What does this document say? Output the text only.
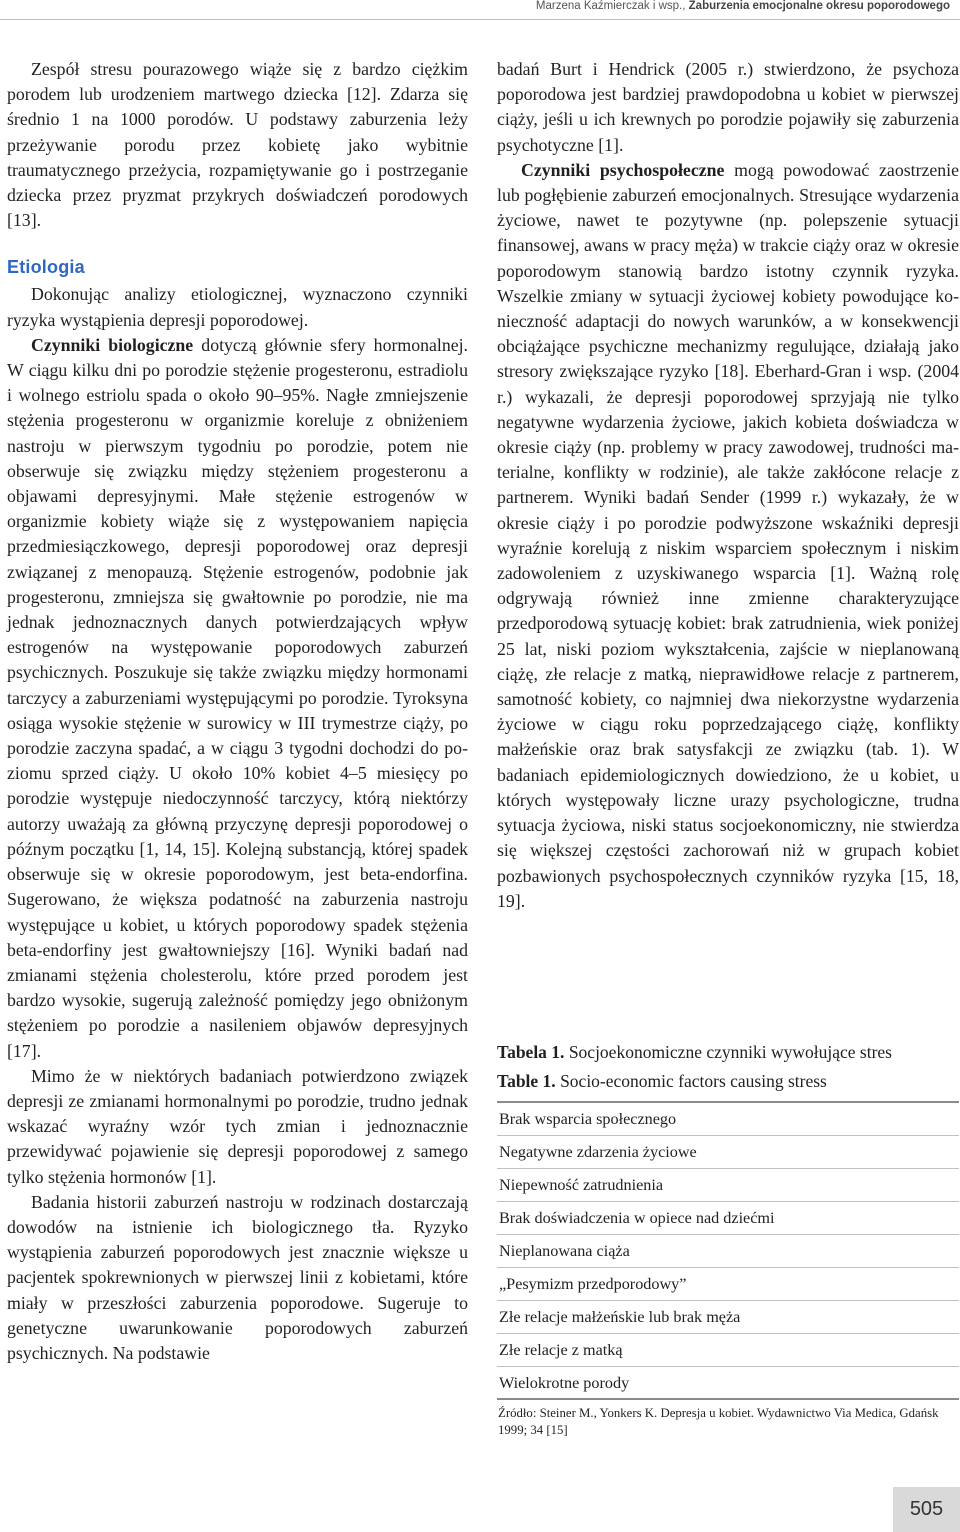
Marzena Kaźmierczak i wsp., Zaburzenia emocjonalne okresu poporodowego

Zespół stresu pourazowego wiąże się z bardzo ciężkim porodem lub urodzeniem martwego dziecka [12]. Zdarza się średnio 1 na 1000 porodów. U podstawy zaburzenia leży przeżywanie porodu przez kobietę jako wybitnie traumatycznego przeżycia, rozpamiętywanie go i postrzeganie dziecka przez pryzmat przykrych doświadczeń porodowych [13].

Etiologia

Dokonując analizy etiologicznej, wyznaczono czynniki ryzyka wystąpienia depresji poporodowej.

Czynniki biologiczne dotyczą głównie sfery hormonalnej. W ciągu kilku dni po porodzie stężenie progesteronu, estradiolu i wolnego estriolu spada o około 90–95%. Nagłe zmniejszenie stężenia progesteronu w organizmie koreluje z obniżeniem nastroju w pierwszym tygodniu po porodzie, potem nie obserwuje się związku między stężeniem progesteronu a objawami depresyjnymi. Małe stężenie estrogenów w organizmie kobiety wiąże się z występowaniem napięcia przedmiesiączkowego, depresji poporodowej oraz depresji związanej z menopauzą. Stężenie estrogenów, podobnie jak progesteronu, zmniejsza się gwałtownie po porodzie, nie ma jednak jednoznacznych danych potwierdzających wpływ estrogenów na występowanie poporodowych zaburzeń psychicznych. Poszukuje się także związku między hormonami tarczycy a zaburzeniami występującymi po porodzie. Tyroksyna osiąga wysokie stężenie w surowicy w III trymestrze ciąży, po porodzie zaczyna spadać, a w ciągu 3 tygodni dochodzi do poziomu sprzed ciąży. U około 10% kobiet 4–5 miesięcy po porodzie występuje niedoczynność tarczycy, którą niektórzy autorzy uważają za główną przyczynę depresji poporodowej o późnym początku [1, 14, 15]. Kolejną substancją, której spadek obserwuje się w okresie poporodowym, jest beta-endorfina. Sugerowano, że większa podatność na zaburzenia nastroju występujące u kobiet, u których poporodowy spadek stężenia beta-endorfiny jest gwałtowniejszy [16]. Wyniki badań nad zmianami stężenia cholesterolu, które przed porodem jest bardzo wysokie, sugerują zależność pomiędzy jego obniżonym stężeniem po porodzie a nasileniem objawów depresyjnych [17].

Mimo że w niektórych badaniach potwierdzono związek depresji ze zmianami hormonalnymi po porodzie, trudno jednak wskazać wyraźny wzór tych zmian i jednoznacznie przewidywać pojawienie się depresji poporodowej z samego tylko stężenia hormonów [1].

Badania historii zaburzeń nastroju w rodzinach dostarczają dowodów na istnienie ich biologicznego tła. Ryzyko wystąpienia zaburzeń poporodowych jest znacznie większe u pacjentek spokrewnionych w pierwszej linii z kobietami, które miały w przeszłości zaburzenia poporodowe. Sugeruje to genetyczne uwarunkowanie poporodowych zaburzeń psychicznych. Na podstawie

badań Burt i Hendrick (2005 r.) stwierdzono, że psychoza poporodowa jest bardziej prawdopodobna u kobiet w pierwszej ciąży, jeśli u ich krewnych po porodzie pojawiły się zaburzenia psychotyczne [1].

Czynniki psychospołeczne mogą powodować zaostrzenie lub pogłębienie zaburzeń emocjonalnych. Stresujące wydarzenia życiowe, nawet te pozytywne (np. polepszenie sytuacji finansowej, awans w pracy męża) w trakcie ciąży oraz w okresie poporodowym stanowią bardzo istotny czynnik ryzyka. Wszelkie zmiany w sytuacji życiowej kobiety powodujące konieczność adaptacji do nowych warunków, a w konsekwencji obciążające psychiczne mechanizmy regulujące, działają jako stresory zwiększające ryzyko [18]. Eberhard-Gran i wsp. (2004 r.) wykazali, że depresji poporodowej sprzyjają nie tylko negatywne wydarzenia życiowe, jakich kobieta doświadcza w okresie ciąży (np. problemy w pracy zawodowej, trudności materialne, konflikty w rodzinie), ale także zakłócone relacje z partnerem. Wyniki badań Sender (1999 r.) wykazały, że w okresie ciąży i po porodzie podwyższone wskaźniki depresji wyraźnie korelują z niskim wsparciem społecznym i niskim zadowoleniem z uzyskiwanego wsparcia [1]. Ważną rolę odgrywają również inne zmienne charakteryzujące przedporodową sytuację kobiet: brak zatrudnienia, wiek poniżej 25 lat, niski poziom wykształcenia, zajście w nieplanowaną ciążę, złe relacje z matką, nieprawidłowe relacje z partnerem, samotność kobiety, co najmniej dwa niekorzystne wydarzenia życiowe w ciągu roku poprzedzającego ciążę, konflikty małżeńskie oraz brak satysfakcji ze związku (tab. 1). W badaniach epidemiologicznych dowiedziono, że u kobiet, u których występowały liczne urazy psychologiczne, trudna sytuacja życiowa, niski status socjoekonomiczny, nie stwierdza się większej częstości zachorowań niż w grupach kobiet pozbawionych psychospołecznych czynników ryzyka [15, 18, 19].

Tabela 1. Socjoekonomiczne czynniki wywołujące stres
Table 1. Socio-economic factors causing stress
Brak wsparcia społecznego
Negatywne zdarzenia życiowe
Niepewność zatrudnienia
Brak doświadczenia w opiece nad dziećmi
Nieplanowana ciąża
„Pesymizm przedporodowy”
Złe relacje małżeńskie lub brak męża
Złe relacje z matką
Wielokrotne porody
Źródło: Steiner M., Yonkers K. Depresja u kobiet. Wydawnictwo Via Medica, Gdańsk 1999; 34 [15]
505
